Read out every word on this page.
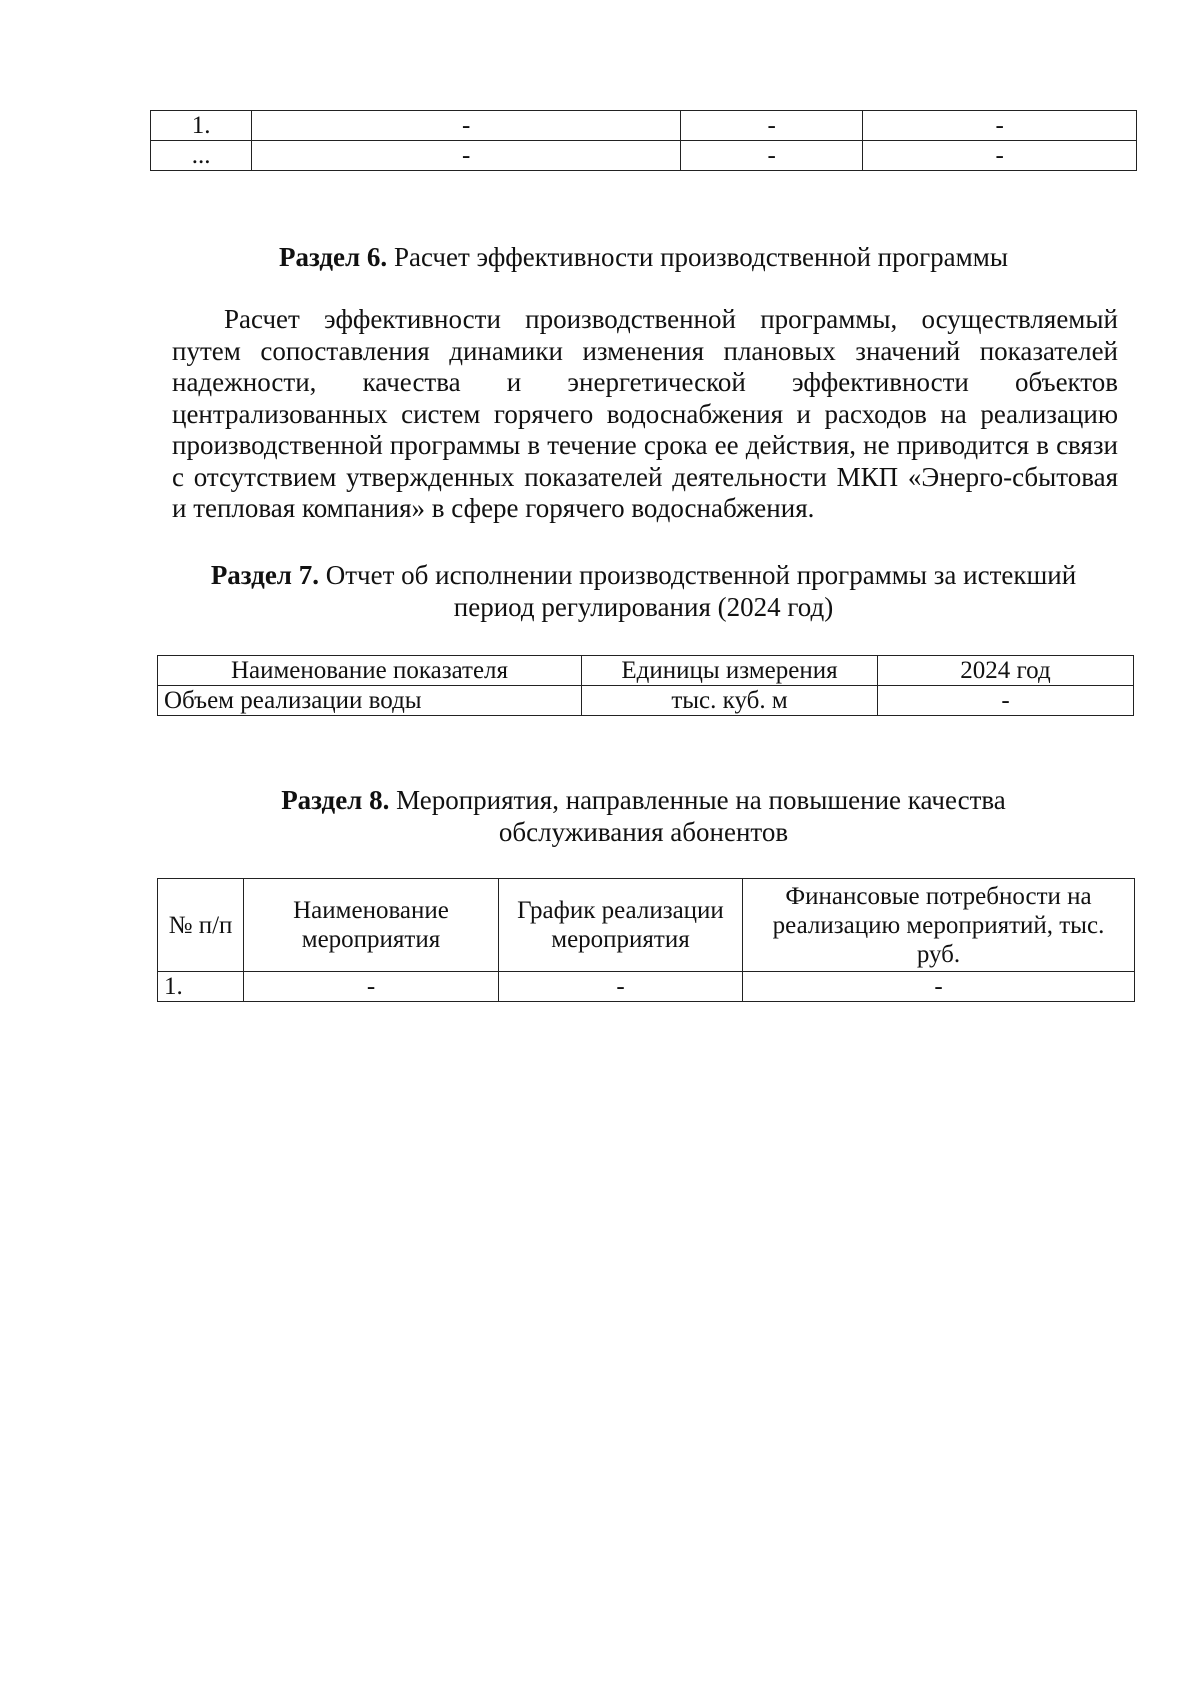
1.	-	-	-
...	-	-	-
Раздел 6. Расчет эффективности производственной программы
Расчет эффективности производственной программы, осуществляемый путем сопоставления динамики изменения плановых значений показателей надежности, качества и энергетической эффективности объектов централизованных систем горячего водоснабжения и расходов на реализацию производственной программы в течение срока ее действия, не приводится в связи с отсутствием утвержденных показателей деятельности МКП «Энерго-сбытовая и тепловая компания» в сфере горячего водоснабжения.
Раздел 7. Отчет об исполнении производственной программы за истекший
период регулирования (2024 год)
Наименование показателя	Единицы измерения	2024 год
Объем реализации воды	тыс. куб. м	-
Раздел 8. Мероприятия, направленные на повышение качества
обслуживания абонентов
№ п/п	Наименование мероприятия	График реализации мероприятия	Финансовые потребности на реализацию мероприятий, тыс. руб.
1.	-	-	-
